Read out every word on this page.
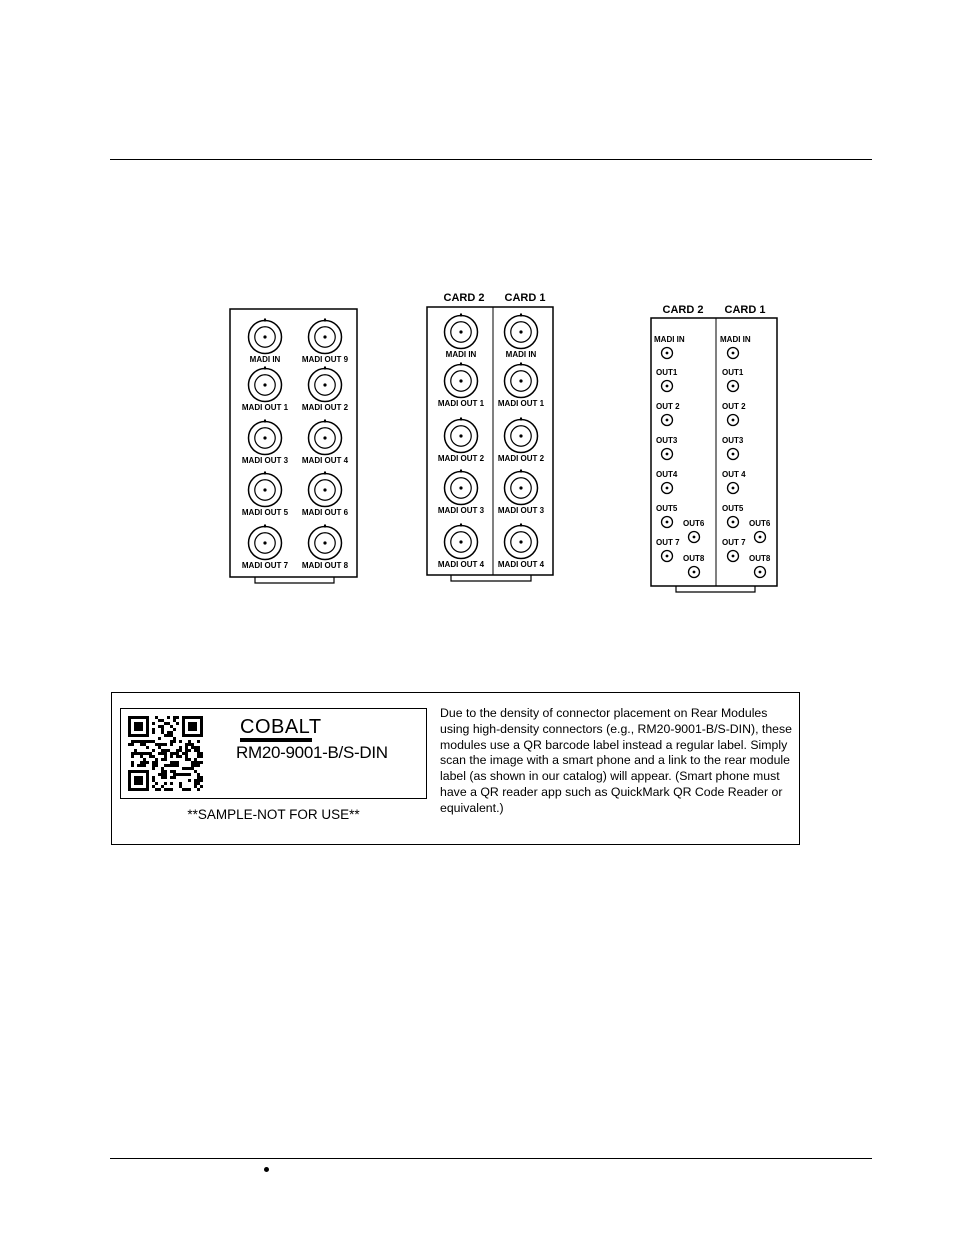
MADI IN	MADI OUT 9
MADI OUT 1 MADI OUT 2
MADI OUT 3 MADI OUT 4
MADI OUT 5 MADI OUT 6
MADI OUT 7 MADI OUT 8
CARD 2 CARD 1
MADI IN	MADI IN
MADI OUT 1 MADI OUT 1
MADI OUT 2 MADI OUT 2
MADI OUT 3 MADI OUT 3
MADI OUT 4 MADI OUT 4
CARD 2 CARD 1
MADI IN
OUT1
OUT 2
OUT3
OUT4
OUT5
OUT 7
OUT6
OUT8
MADI IN
OUT1
OUT 2
OUT3
OUT 4
OUT5
OUT 7
OUT6
OUT8
COBALT
RM20-9001-B/S-DIN
**SAMPLE-NOT FOR USE**
Due to the density of connector placement on Rear Modules using high-density connectors (e.g., RM20-9001-B/S-DIN), these modules use a QR barcode label instead a regular label. Simply scan the image with a smart phone and a link to the rear module label (as shown in our catalog) will appear. (Smart phone must have a QR reader app such as QuickMark QR Code Reader or equivalent.)
